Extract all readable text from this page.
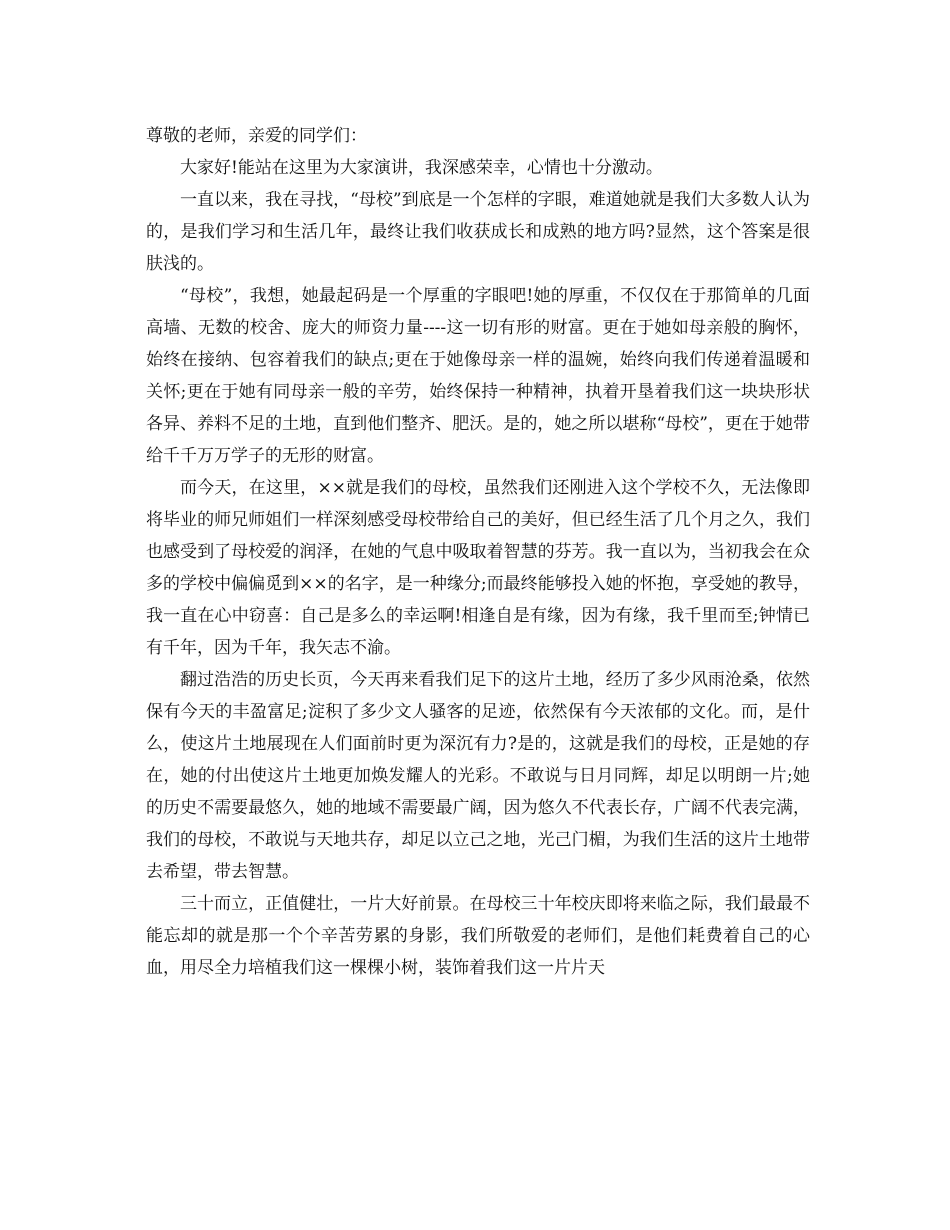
尊敬的老师，亲爱的同学们：

大家好!能站在这里为大家演讲，我深感荣幸，心情也十分激动。

一直以来，我在寻找，“母校”到底是一个怎样的字眼，难道她就是我们大多数人认为的，是我们学习和生活几年，最终让我们收获成长和成熟的地方吗?显然，这个答案是很肤浅的。

“母校”，我想，她最起码是一个厚重的字眼吧!她的厚重，不仅仅在于那简单的几面高墙、无数的校舍、庞大的师资力量----这一切有形的财富。更在于她如母亲般的胸怀，始终在接纳、包容着我们的缺点;更在于她像母亲一样的温婉，始终向我们传递着温暖和关怀;更在于她有同母亲一般的辛劳，始终保持一种精神，执着开垦着我们这一块块形状各异、养料不足的土地，直到他们整齐、肥沃。是的，她之所以堪称“母校”，更在于她带给千千万万学子的无形的财富。

而今天，在这里，××就是我们的母校，虽然我们还刚进入这个学校不久，无法像即将毕业的师兄师姐们一样深刻感受母校带给自己的美好，但已经生活了几个月之久，我们也感受到了母校爱的润泽，在她的气息中吸取着智慧的芬芳。我一直以为，当初我会在众多的学校中偏偏觅到××的名字，是一种缘分;而最终能够投入她的怀抱，享受她的教导，我一直在心中窃喜：自己是多么的幸运啊!相逢自是有缘，因为有缘，我千里而至;钟情已有千年，因为千年，我矢志不渝。

翻过浩浩的历史长页，今天再来看我们足下的这片土地，经历了多少风雨沧桑，依然保有今天的丰盈富足;淀积了多少文人骚客的足迹，依然保有今天浓郁的文化。而，是什么，使这片土地展现在人们面前时更为深沉有力?是的，这就是我们的母校，正是她的存在，她的付出使这片土地更加焕发耀人的光彩。不敢说与日月同辉，却足以明朗一片;她的历史不需要最悠久，她的地域不需要最广阔，因为悠久不代表长存，广阔不代表完满，我们的母校，不敢说与天地共存，却足以立己之地，光己门楣，为我们生活的这片土地带去希望，带去智慧。

三十而立，正值健壮，一片大好前景。在母校三十年校庆即将来临之际，我们最最不能忘却的就是那一个个辛苦劳累的身影，我们所敬爱的老师们，是他们耗费着自己的心血，用尽全力培植我们这一棵棵小树，装饰着我们这一片片天
